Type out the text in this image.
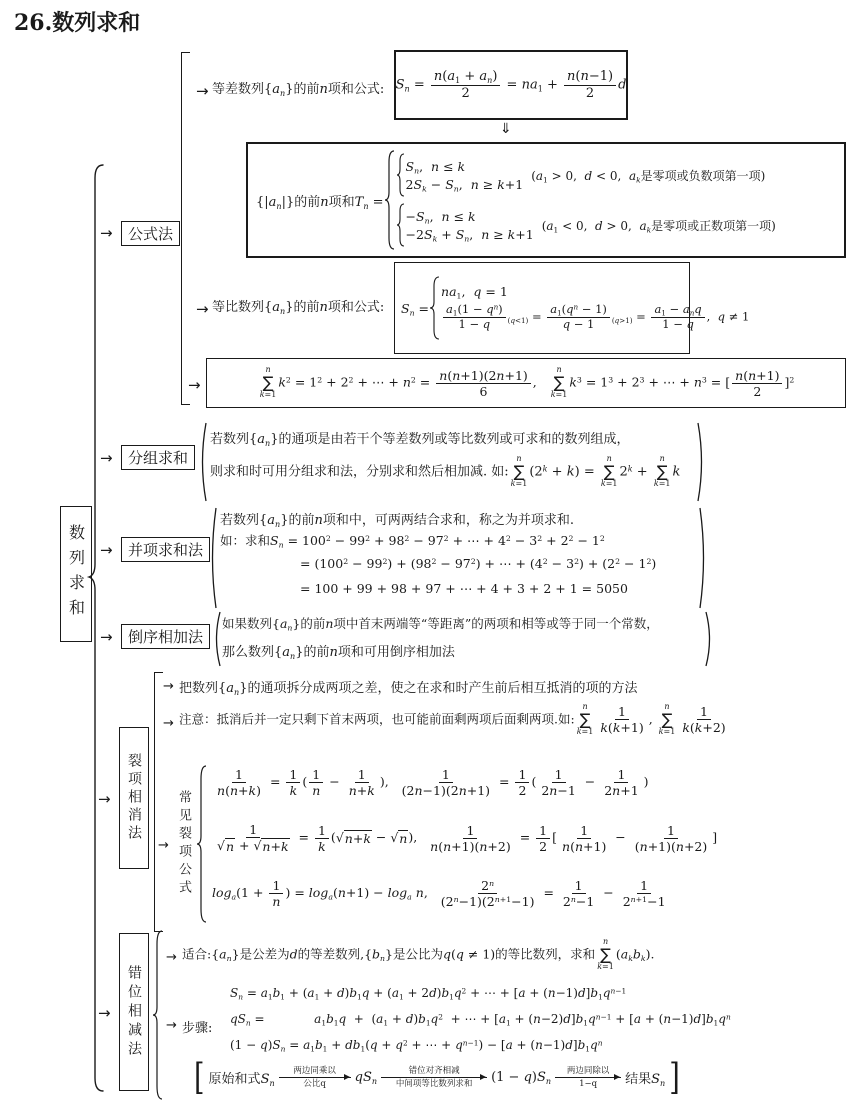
26.数列求和
数列求和
→	公式法
→ 等差数列$\{a_n\}$的前n项和公式: $S_n = \frac{n(a_1 + a_n)}{2} = na_1 + \frac{n(n-1)}{2}$ d
⇓
$\{|a_n|\}$的前n项和$T_n$ =
$S_n$,  n ≤ k
$2S_k - S_n$,  n ≥ k+1
($a_1 > 0$,  d < 0,  $a_k$是零项或负数项第一项)
$-S_n$,  n ≤ k
$-2S_k + S_n$,  n ≥ k+1
($a_1 < 0$,  d > 0,  $a_k$是零项或正数项第一项)
→ 等比数列$\{a_n\}$的前n项和公式: $S_n$ =
$na_1$,  q = 1
$\frac{a_1(1 - q^n)}{1 - q} _{(q<1)} = \frac{a_1(q^n - 1)}{q - 1} _{(q>1)} = \frac{a_1 - a_nq}{1 - q}$ ,  q ≠ 1
→
n
∑
k=1
$k^2 = 1^2 + 2^2$ + ⋯ + $n^2 = \frac{n(n+1)(2n+1)}{6}$ ,
n
∑
k=1
$k^3 = 1^3 + 2^3$ + ⋯ + $n^3$ = [ $\frac{n(n+1)}{2} ]^2$
→	分组求和
若数列$\{a_n\}$的通项是由若干个等差数列或等比数列或可求和的数列组成，
则求和时可用分组求和法，分别求和然后相加减. 如:
n
∑
k=1
$(2^k + k)$ =
n
∑
k=1
$2^k$ +
n
∑
k=1
k
→	并项求和法
若数列$\{a_n\}$的前n项和中，可两两结合求和，称之为并项求和.
如：求和$S_n = 100^2 - 99^2 + 98^2 - 97^2$ + ⋯ + $4^2 - 3^2 + 2^2 - 1^2$
= $(100^2 - 99^2) + (98^2 - 97^2)$ + ⋯ + $(4^2 - 3^2) + (2^2 - 1^2)$
= 100 + 99 + 98 + 97 + ⋯ + 4 + 3 + 2 + 1 = 5050
→	倒序相加法
如果数列$\{a_n\}$的前n项中首末两端等“等距离”的两项和相等或等于同一个常数，
那么数列$\{a_n\}$的前n项和可用倒序相加法
→ 裂项相消法
→ 把数列$\{a_n\}$的通项拆分成两项之差，使之在求和时产生前后相互抵消的项的方法
→ 注意：抵消后并一定只剩下首末两项，也可能前面剩两项后面剩两项.如:
n
∑
$k=1 \frac{1}{k(k+1)}$ ,
n
∑
$k=1 \frac{1}{k(k+2)}$
→ 常见裂项公式
$\frac{1}{n(n+k)} = \frac{1}{k}$ ( $\frac{1}{n} - \frac{1}{n+k}$ ), $\frac{1}{(2n-1)(2n+1)} = \frac{1}{2}$ ( $\frac{1}{2n-1} - \frac{1}{2n+1}$ )
$\frac{1}{√ n + √ n+k} = \frac{1}{k}$ ( √ n+k − √ n ), $\frac{1}{n(n+1)(n+2)} = \frac{1}{2}$ [ $\frac{1}{n(n+1)} - \frac{1}{(n+1)(n+2)}$ ]
$\log_a(1 + \frac{1}{n}$ ) = $\log_a(n+1) - \log_a n$, $\frac{2^n}{(2^n-1)(2^{n+1}-1)} = \frac{1}{2^n-1} - \frac{1}{2^{n+1}-1}$
→ 错位相减法
→ 适合$:\{a_n\}$是公差为d的等差数列$,\{b_n\}$是公比为q(q ≠ 1)的等比数列，求和
n
∑
k=1
$(a_kb_k)$.
→ 步骤:
$S_n = a_1b_1 + (a_1 + d)b_1q + (a_1 + 2d)b_1q^2$ + ⋯ + $[a + (n-1)d]b_1q^{n-1}$
$qS_n$ =             $a_1b_1q + (a_1 + d)b_1q^2$  + ⋯ + $[a_1 + (n-2)d]b_1q^{n-1} + [a + (n-1)d]b_1q^n$
$(1 - q)S_n = a_1b_1 + db_1(q + q^2$ + ⋯ + $q^{n-1}) - [a + (n-1)d]b_1q^n$
[ 原始和式$S_n$
两边同乘以
公比q $qS_n$
错位对齐相减
中间项等比数列求和 $(1 - q)S_n$
两边同除以
1−q 结果$S_n$ ]
